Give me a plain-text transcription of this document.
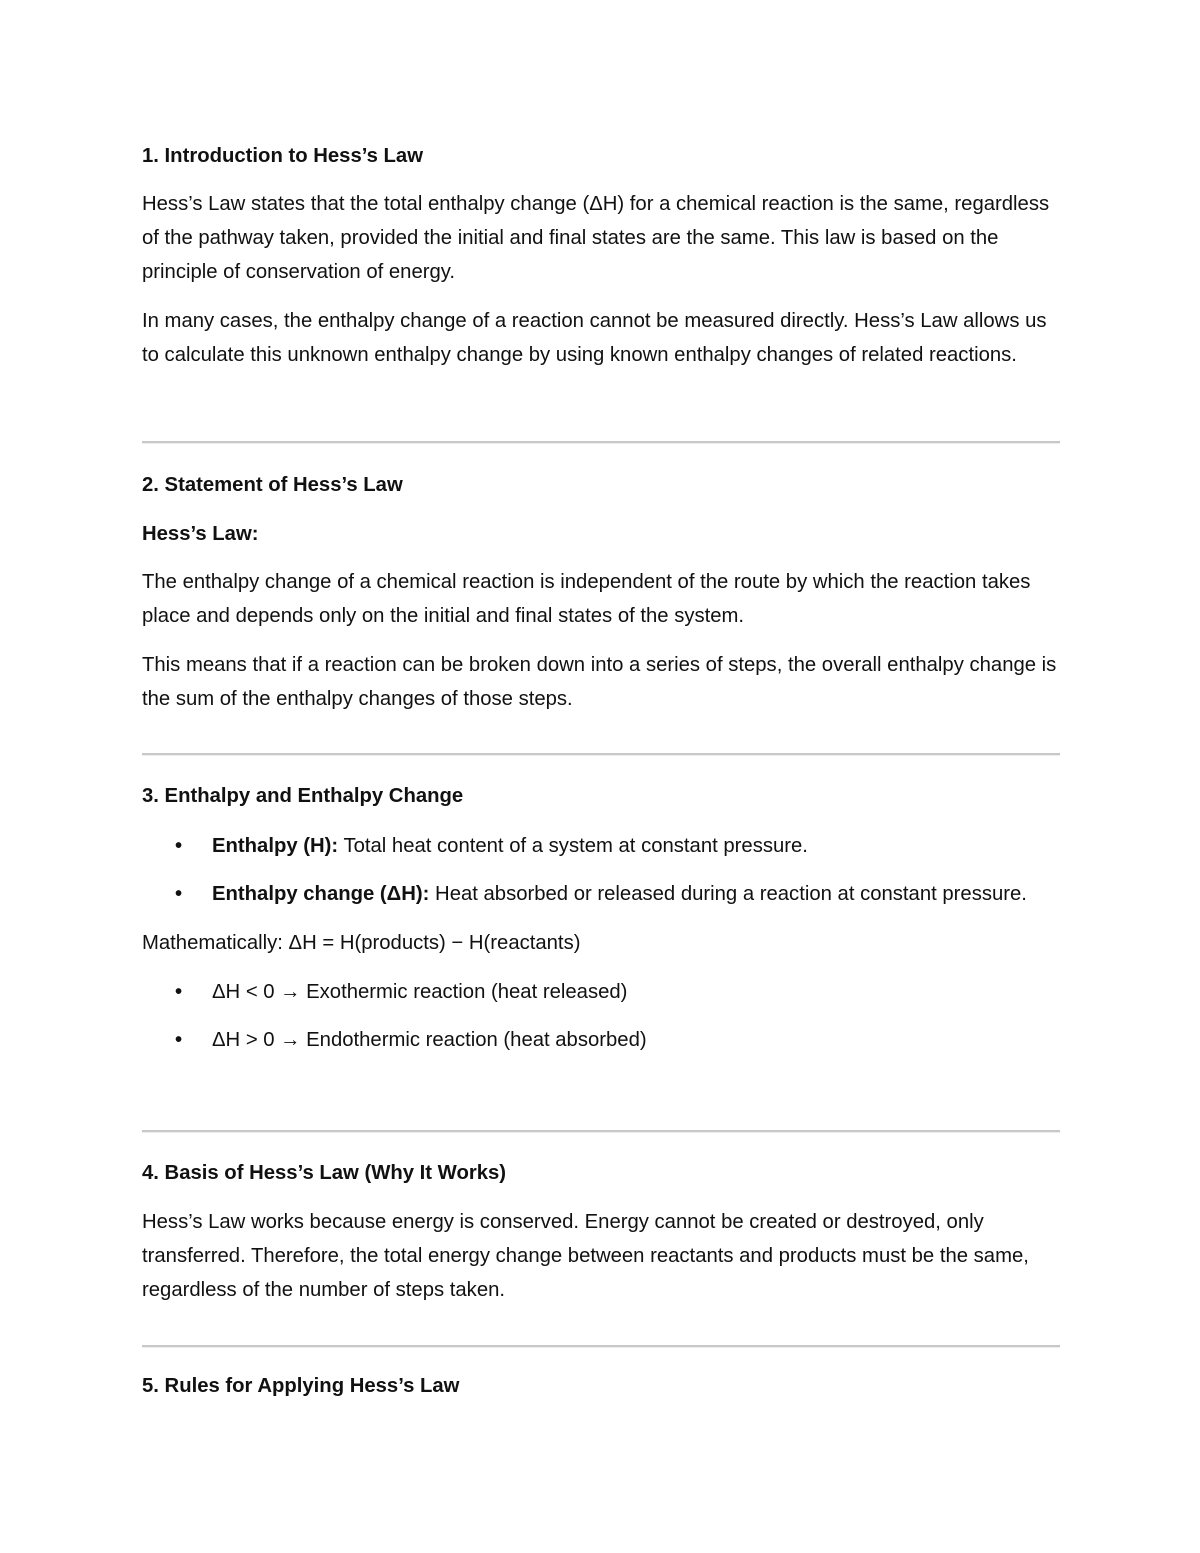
1. Introduction to Hess’s Law

Hess’s Law states that the total enthalpy change (ΔH) for a chemical reaction is the same, regardless of the pathway taken, provided the initial and final states are the same. This law is based on the principle of conservation of energy.

In many cases, the enthalpy change of a reaction cannot be measured directly. Hess’s Law allows us to calculate this unknown enthalpy change by using known enthalpy changes of related reactions.

2. Statement of Hess’s Law

Hess’s Law:

The enthalpy change of a chemical reaction is independent of the route by which the reaction takes place and depends only on the initial and final states of the system.

This means that if a reaction can be broken down into a series of steps, the overall enthalpy change is the sum of the enthalpy changes of those steps.

3. Enthalpy and Enthalpy Change
• Enthalpy (H): Total heat content of a system at constant pressure.
• Enthalpy change (ΔH): Heat absorbed or released during a reaction at constant pressure.

Mathematically: ΔH = H(products) − H(reactants)

• ΔH < 0 → Exothermic reaction (heat released)
• ΔH > 0 → Endothermic reaction (heat absorbed)
4. Basis of Hess’s Law (Why It Works)

Hess’s Law works because energy is conserved. Energy cannot be created or destroyed, only transferred. Therefore, the total energy change between reactants and products must be the same, regardless of the number of steps taken.

5. Rules for Applying Hess’s Law
